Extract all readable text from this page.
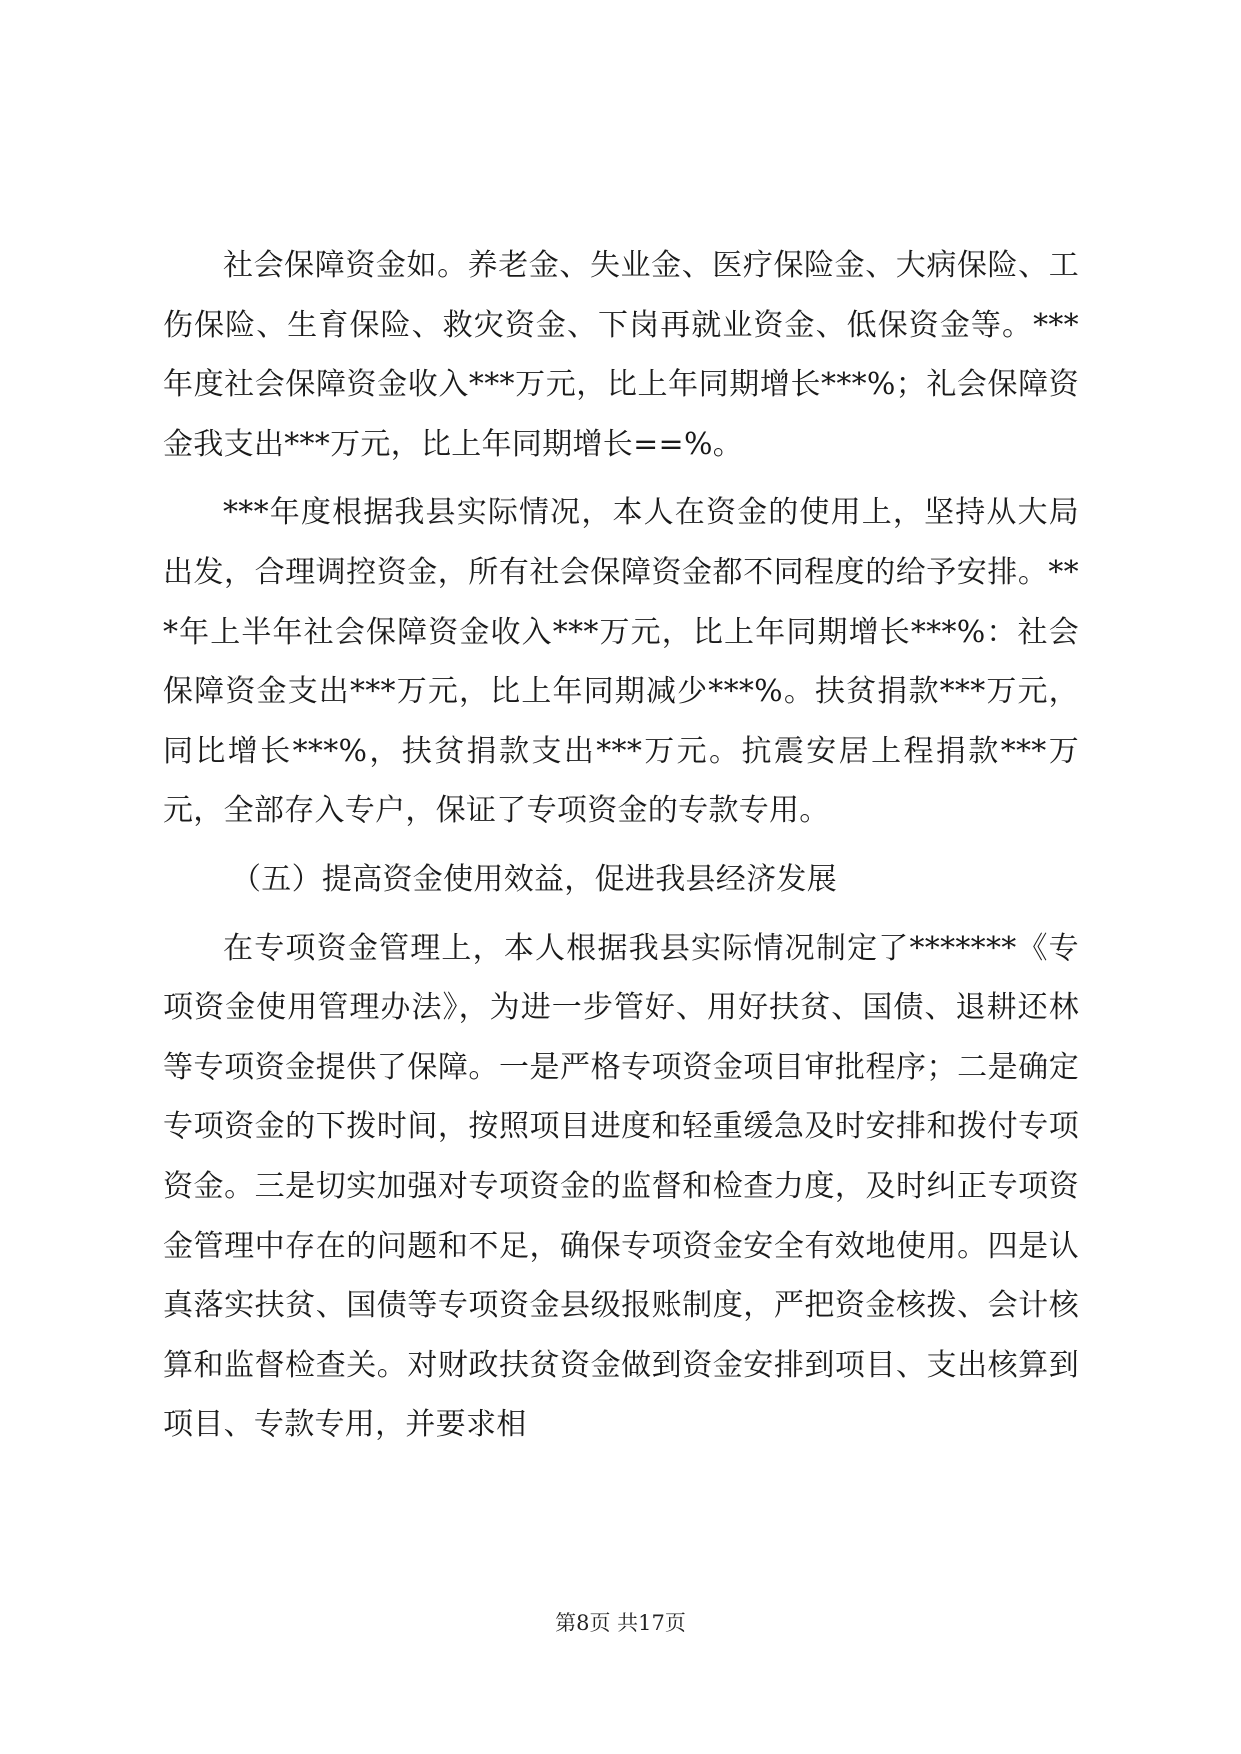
社会保障资金如。养老金、失业金、医疗保险金、大病保险、工伤保险、生育保险、救灾资金、下岗再就业资金、低保资金等。***年度社会保障资金收入***万元，比上年同期增长***%；礼会保障资金我支出***万元，比上年同期增长==%。

***年度根据我县实际情况，本人在资金的使用上，坚持从大局出发，合理调控资金，所有社会保障资金都不同程度的给予安排。***年上半年社会保障资金收入***万元，比上年同期增长***%：社会保障资金支出***万元，比上年同期减少***%。扶贫捐款***万元，同比增长***%，扶贫捐款支出***万元。抗震安居上程捐款***万元，全部存入专户，保证了专项资金的专款专用。

（五）提高资金使用效益，促进我县经济发展

在专项资金管理上，本人根据我县实际情况制定了*******《专项资金使用管理办法》，为进一步管好、用好扶贫、国债、退耕还林等专项资金提供了保障。一是严格专项资金项目审批程序；二是确定专项资金的下拨时间，按照项目进度和轻重缓急及时安排和拨付专项资金。三是切实加强对专项资金的监督和检查力度，及时纠正专项资金管理中存在的问题和不足，确保专项资金安全有效地使用。四是认真落实扶贫、国债等专项资金县级报账制度，严把资金核拨、会计核算和监督检查关。对财政扶贫资金做到资金安排到项目、支出核算到项目、专款专用，并要求相

第8页 共17页
